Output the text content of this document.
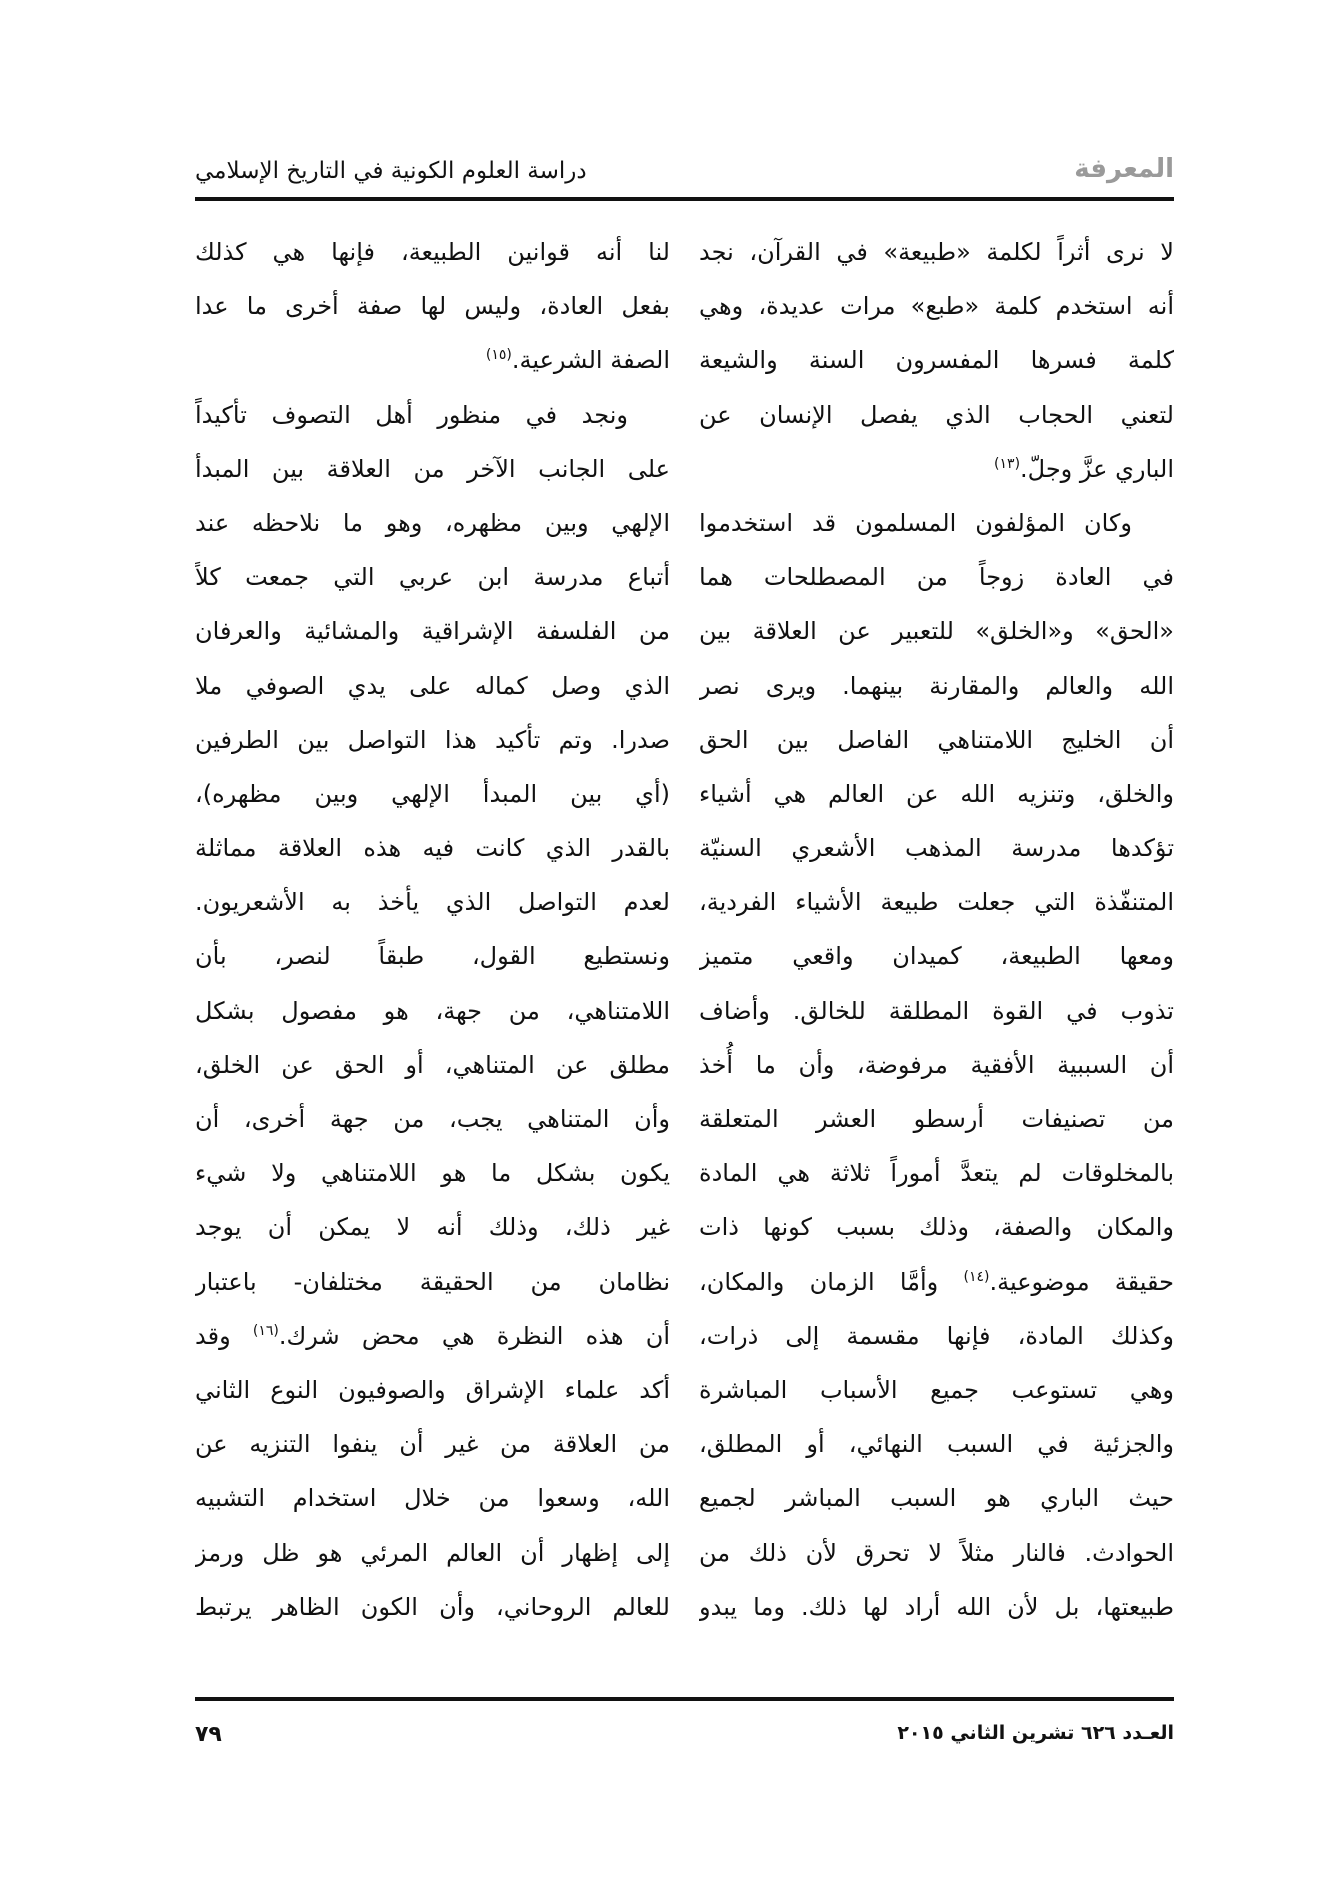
المعرفة
دراسة العلوم الكونية في التاريخ الإسلامي
لا نرى أثراً لكلمة «طبيعة» في القرآن، نجد
أنه استخدم كلمة «طبع» مرات عديدة، وهي
كلمة فسرها المفسرون السنة والشيعة
لتعني الحجاب الذي يفصل الإنسان عن
الباري عزَّ وجلّ.$^{(١٣)}$
وكان المؤلفون المسلمون قد استخدموا
في العادة زوجاً من المصطلحات هما
«الحق» و«الخلق» للتعبير عن العلاقة بين
الله والعالم والمقارنة بينهما. ويرى نصر
أن الخليج اللامتناهي الفاصل بين الحق
والخلق، وتنزيه الله عن العالم هي أشياء
تؤكدها مدرسة المذهب الأشعري السنيّة
المتنفّذة التي جعلت طبيعة الأشياء الفردية،
ومعها الطبيعة، كميدان واقعي متميز
تذوب في القوة المطلقة للخالق. وأضاف
أن السببية الأفقية مرفوضة، وأن ما أُخذ
من تصنيفات أرسطو العشر المتعلقة
بالمخلوقات لم يتعدَّ أموراً ثلاثة هي المادة
والمكان والصفة، وذلك بسبب كونها ذات
حقيقة موضوعية.$^{(١٤)}$ وأمَّا الزمان والمكان،
وكذلك المادة، فإنها مقسمة إلى ذرات،
وهي تستوعب جميع الأسباب المباشرة
والجزئية في السبب النهائي، أو المطلق،
حيث الباري هو السبب المباشر لجميع
الحوادث. فالنار مثلاً لا تحرق لأن ذلك من
طبيعتها، بل لأن الله أراد لها ذلك. وما يبدو
لنا أنه قوانين الطبيعة، فإنها هي كذلك
بفعل العادة، وليس لها صفة أخرى ما عدا
الصفة الشرعية.$^{(١٥)}$
ونجد في منظور أهل التصوف تأكيداً
على الجانب الآخر من العلاقة بين المبدأ
الإلهي وبين مظهره، وهو ما نلاحظه عند
أتباع مدرسة ابن عربي التي جمعت كلاً
من الفلسفة الإشراقية والمشائية والعرفان
الذي وصل كماله على يدي الصوفي ملا
صدرا. وتم تأكيد هذا التواصل بين الطرفين
(أي بين المبدأ الإلهي وبين مظهره)،
بالقدر الذي كانت فيه هذه العلاقة مماثلة
لعدم التواصل الذي يأخذ به الأشعريون.
ونستطيع القول، طبقاً لنصر، بأن
اللامتناهي، من جهة، هو مفصول بشكل
مطلق عن المتناهي، أو الحق عن الخلق،
وأن المتناهي يجب، من جهة أخرى، أن
يكون بشكل ما هو اللامتناهي ولا شيء
غير ذلك، وذلك أنه لا يمكن أن يوجد
نظامان من الحقيقة مختلفان- باعتبار
أن هذه النظرة هي محض شرك.$^{(١٦)}$ وقد
أكد علماء الإشراق والصوفيون النوع الثاني
من العلاقة من غير أن ينفوا التنزيه عن
الله، وسعوا من خلال استخدام التشبيه
إلى إظهار أن العالم المرئي هو ظل ورمز
للعالم الروحاني، وأن الكون الظاهر يرتبط
العـدد ٦٢٦ تشرين الثاني ٢٠١٥
٧٩
